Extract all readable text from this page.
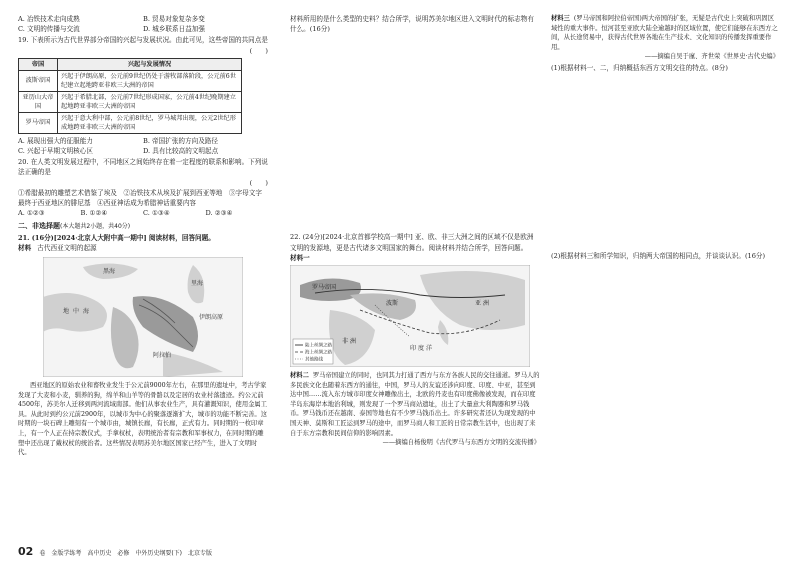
A. 冶铁技术走向成熟	B. 贸易对象复杂多变
C. 文明的传播与交流	D. 城乡联系日益加强
19. 下表所示为古代世界部分帝国的兴起与发展状况。由此可见，这些帝国的共同点是
(　　)
帝国	兴起与发展情况
波斯帝国	兴起于伊朗高原，公元前9世纪仍处于游牧部落阶段，公元前6世纪建立起地跨亚非欧三大洲的帝国
亚历山大帝国	兴起于希腊北部，公元前7世纪形成国家，公元前4世纪晚期建立起地跨亚非欧三大洲的帝国
罗马帝国	兴起于意大利中部，公元前8世纪，罗马城邦出现，公元2世纪形成地跨亚非欧三大洲的帝国
A. 展现出强大的征服能力	B. 帝国扩张的方向及路径
C. 兴起于早期文明核心区	D. 具有比较高的文明起点
20. 在人类文明发展过程中，不同地区之间始终存在着一定程度的联系和影响。下列说法正确的是
(　　)
①希腊最初的雕塑艺术借鉴了埃及　②冶铁技术从埃及扩展到西亚等地　③字母文字最终于西亚地区的腓尼基　④西亚神话成为希腊神话重要内容
A. ①②③	B. ①②④	C. ①③④	D. ②③④
二、非选择题(本大题共2小题，共40分)
21. (16分)[2024·北京人大附中高一期中] 阅读材料，回答问题。
材料 古代西亚文明的起源
地 中 海
伊朗高原
阿拉伯
黑海
里海
西亚地区的原始农业和畜牧业发生于公元前9000年左右，在那里的遗址中，考古学家发现了大麦和小麦，驯养的狗，绵羊和山羊等的骨骼以及定居的农业村落遗迹。约公元前4500年，苏美尔人迁移到两河流域南部。他们从事农业生产，具有灌溉知识，使用金属工具。从此时到约公元前2900年，以城市为中心的聚落逐渐扩大，城市的功能不断完善。这时期的一块石碑上雕刻有一个城市由，城镇长廊，有长廊，正式有力。同时期的一枚印章上，有一个人正在持宗教仪式，手拿权杖，表明统治者有宗教和军事权力，在同时期的雕塑中还出现了戴权杖的统治者。这些情况表明苏美尔地区国家已经产生，进入了文明时代。
材料所用的是什么类型的史料？结合所学，说明苏美尔地区进入文明时代的标志物有什么。(16分)
22. (24分)[2024·北京首都学校高一期中] 亚、欧、非三大洲之间的区域不仅是欧洲文明的发源地，更是古代诸多文明国家的舞台。阅读材料并结合所学，回答问题。
材料一
罗马帝国
波斯
印 度 洋
非 洲
亚 洲
陆上丝绸之路
海上丝绸之路
其他路线
材料二 罗马帝国建立的同时，也同其力打通了西方与东方各族人民的交往通道。罗马人的多民族文化也随着东西方的通往，中国，罗马人的友谊还涉向印度、印度、中亚，甚至到达中国……流入东方城市印度女神雕像出土，北欧的丹麦也有印度佛像被发现，而在印度半岛东海岸本地治利城，则发现了一个罗马商站遗址，出土了大量意大利陶器和罗马钱币。罗马钱币还在越南、泰国等地也有不少罗马钱币出土。许多研究者还认为现发现的中国天神、莫斯和工匠运到罗马的途中，而罗马商人和工匠的日常宗教生活中，也出现了来自于东方宗教和民间信仰的影响因素。
——摘编自杨俊明《古代罗马与东西方文明的交流传播》
材料三 (罗马帝国和阿拉伯帝国)两大帝国的扩张，无疑是古代史上突破和巩固区域性的重大事件。恒河甚至亚欧大陆全逾越时的区域位置，使它们能够在东西方之间，从长途贸易中，获得古代世界各地在生产技术、文化知识的传播发挥重要作用。
——摘编自吴于廑、齐世荣《世界史·古代史编》
(1)根据材料一、二，归纳概括东西方文明交往的特点。(8分)
(2)根据材料三和所学知识，归纳两大帝国的相同点，并谈谈认识。(16分)
02 卷　金版学练考　高中历史　必修　中外历史纲要(下)　北京专版
